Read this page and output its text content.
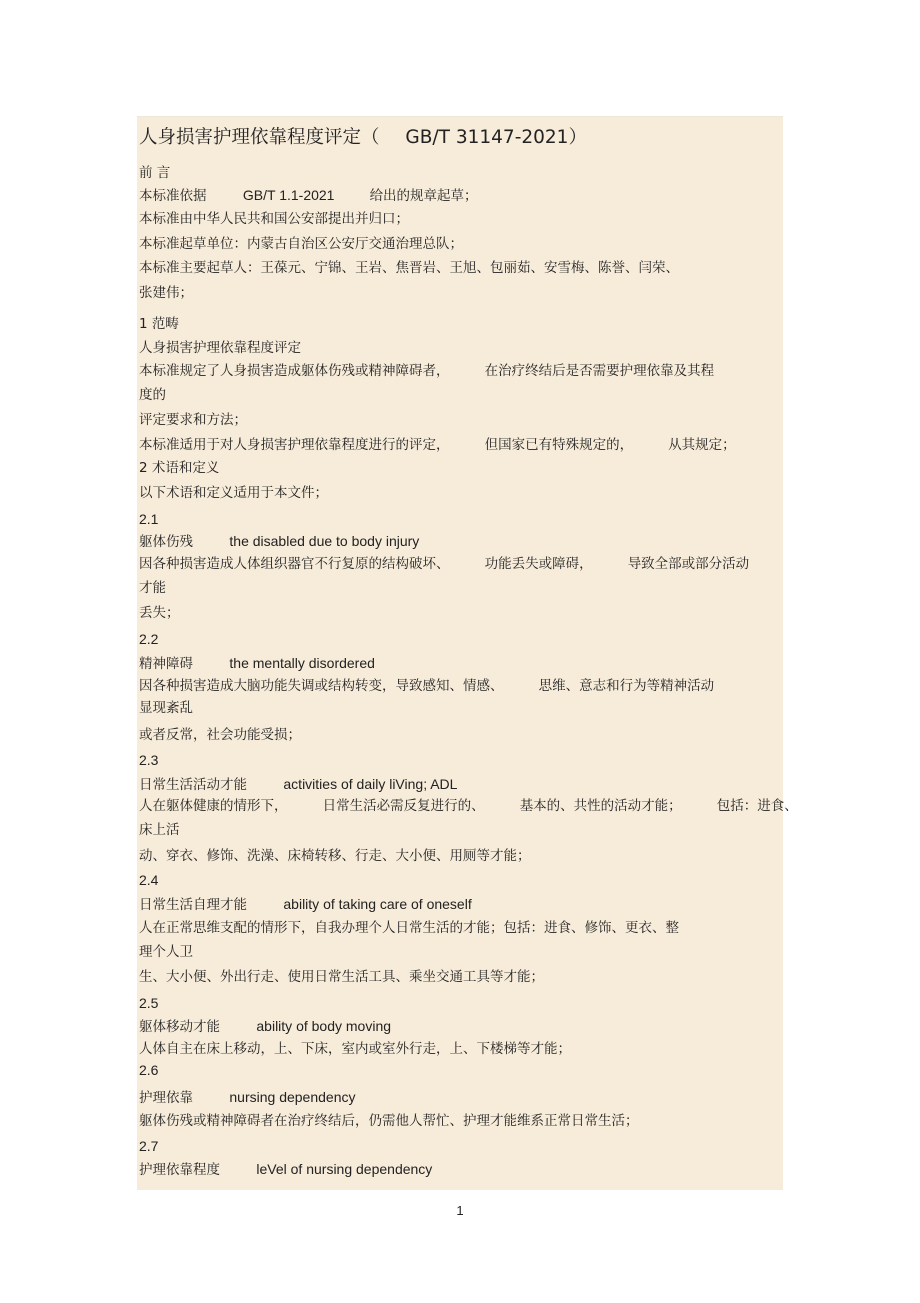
人身损害护理依靠程度评定（ GB/T 31147-2021）
前 言
本标准依据	GB/T 1.1-2021	给出的规章起草；
本标准由中华人民共和国公安部提出并归口；
本标准起草单位：内蒙古自治区公安厅交通治理总队；
本标准主要起草人：王葆元、宁锦、王岩、焦晋岩、王旭、包丽茹、安雪梅、陈誉、闫荣、
张建伟；
1 范畴
人身损害护理依靠程度评定
本标准规定了人身损害造成躯体伤残或精神障碍者，	在治疗终结后是否需要护理依靠及其程
度的
评定要求和方法；
本标准适用于对人身损害护理依靠程度进行的评定，	但国家已有特殊规定的，	从其规定；
2 术语和定义
以下术语和定义适用于本文件；
2.1
躯体伤残	the disabled due to body injury
因各种损害造成人体组织器官不行复原的结构破坏、	功能丢失或障碍，	导致全部或部分活动
才能
丢失；
2.2
精神障碍	the mentally disordered
因各种损害造成大脑功能失调或结构转变，导致感知、情感、	思维、意志和行为等精神活动
显现紊乱
或者反常，社会功能受损；
2.3
日常生活活动才能	activities of daily liVing; ADL
人在躯体健康的情形下，	日常生活必需反复进行的、	基本的、共性的活动才能；	包括：进食、
床上活
动、穿衣、修饰、洗澡、床椅转移、行走、大小便、用厕等才能；
2.4
日常生活自理才能	ability of taking care of oneself
人在正常思维支配的情形下，自我办理个人日常生活的才能；包括：进食、修饰、更衣、整
理个人卫
生、大小便、外出行走、使用日常生活工具、乘坐交通工具等才能；
2.5
躯体移动才能	ability of body moving
人体自主在床上移动，上、下床，室内或室外行走，上、下楼梯等才能；
2.6
护理依靠	nursing dependency
躯体伤残或精神障碍者在治疗终结后，仍需他人帮忙、护理才能维系正常日常生活；
2.7
护理依靠程度	leVel of nursing dependency
1
